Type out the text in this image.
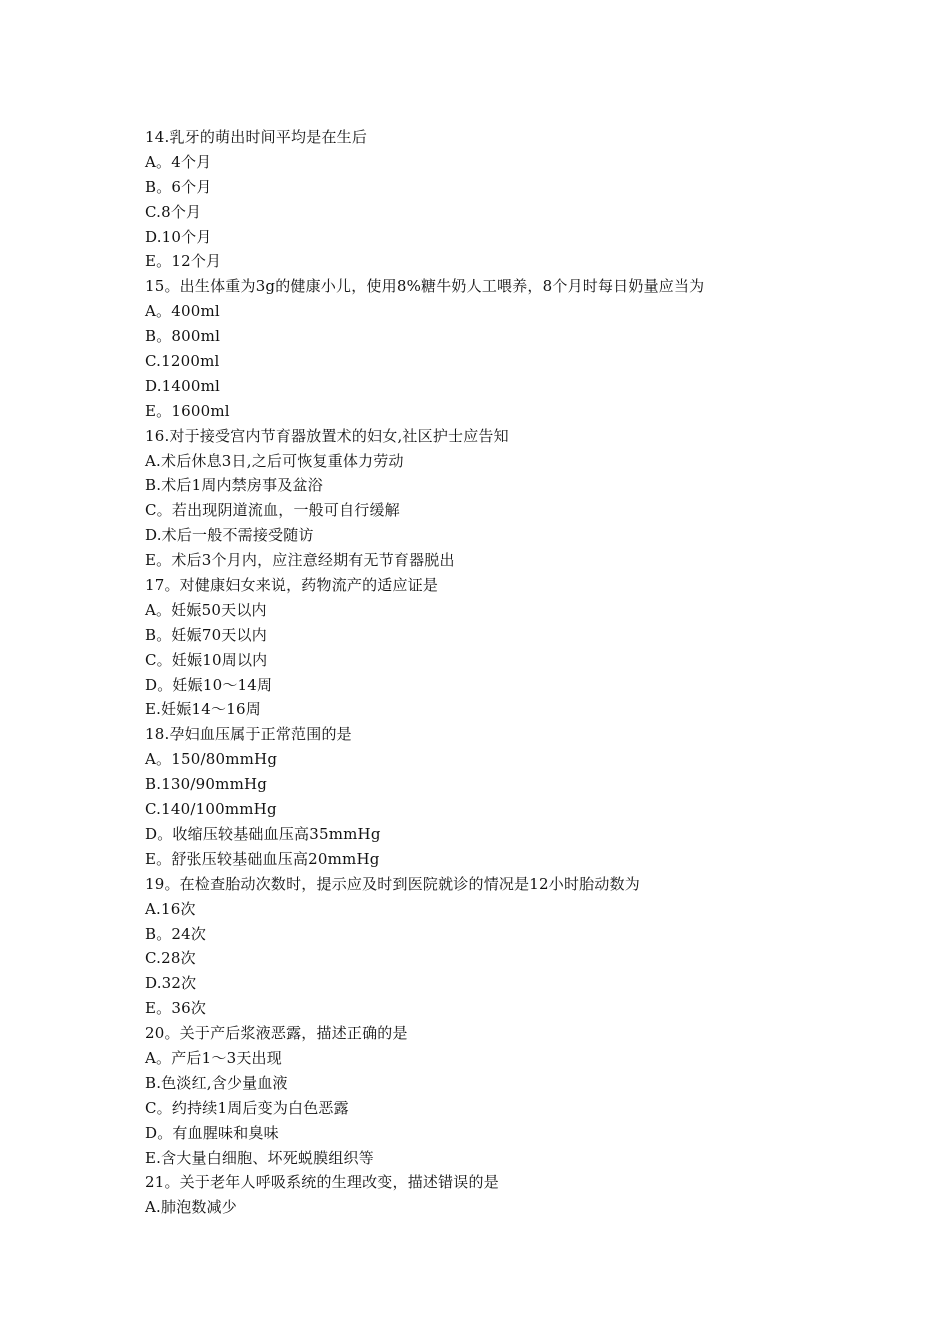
14.乳牙的萌出时间平均是在生后
A。4个月
B。6个月
C.8个月
D.10个月
E。12个月
15。出生体重为3g的健康小儿，使用8%糖牛奶人工喂养，8个月时每日奶量应当为
A。400ml
B。800ml
C.1200ml
D.1400ml
E。1600ml
16.对于接受宫内节育器放置术的妇女,社区护士应告知
A.术后休息3日,之后可恢复重体力劳动
B.术后1周内禁房事及盆浴
C。若出现阴道流血，一般可自行缓解
D.术后一般不需接受随访
E。术后3个月内，应注意经期有无节育器脱出
17。对健康妇女来说，药物流产的适应证是
A。妊娠50天以内
B。妊娠70天以内
C。妊娠10周以内
D。妊娠10～14周
E.妊娠14～16周
18.孕妇血压属于正常范围的是
A。150/80mmHg
B.130/90mmHg
C.140/100mmHg
D。收缩压较基础血压高35mmHg
E。舒张压较基础血压高20mmHg
19。在检查胎动次数时，提示应及时到医院就诊的情况是12小时胎动数为
A.16次
B。24次
C.28次
D.32次
E。36次
20。关于产后浆液恶露，描述正确的是
A。产后1～3天出现
B.色淡红,含少量血液
C。约持续1周后变为白色恶露
D。有血腥味和臭味
E.含大量白细胞、坏死蜕膜组织等
21。关于老年人呼吸系统的生理改变，描述错误的是
A.肺泡数减少
